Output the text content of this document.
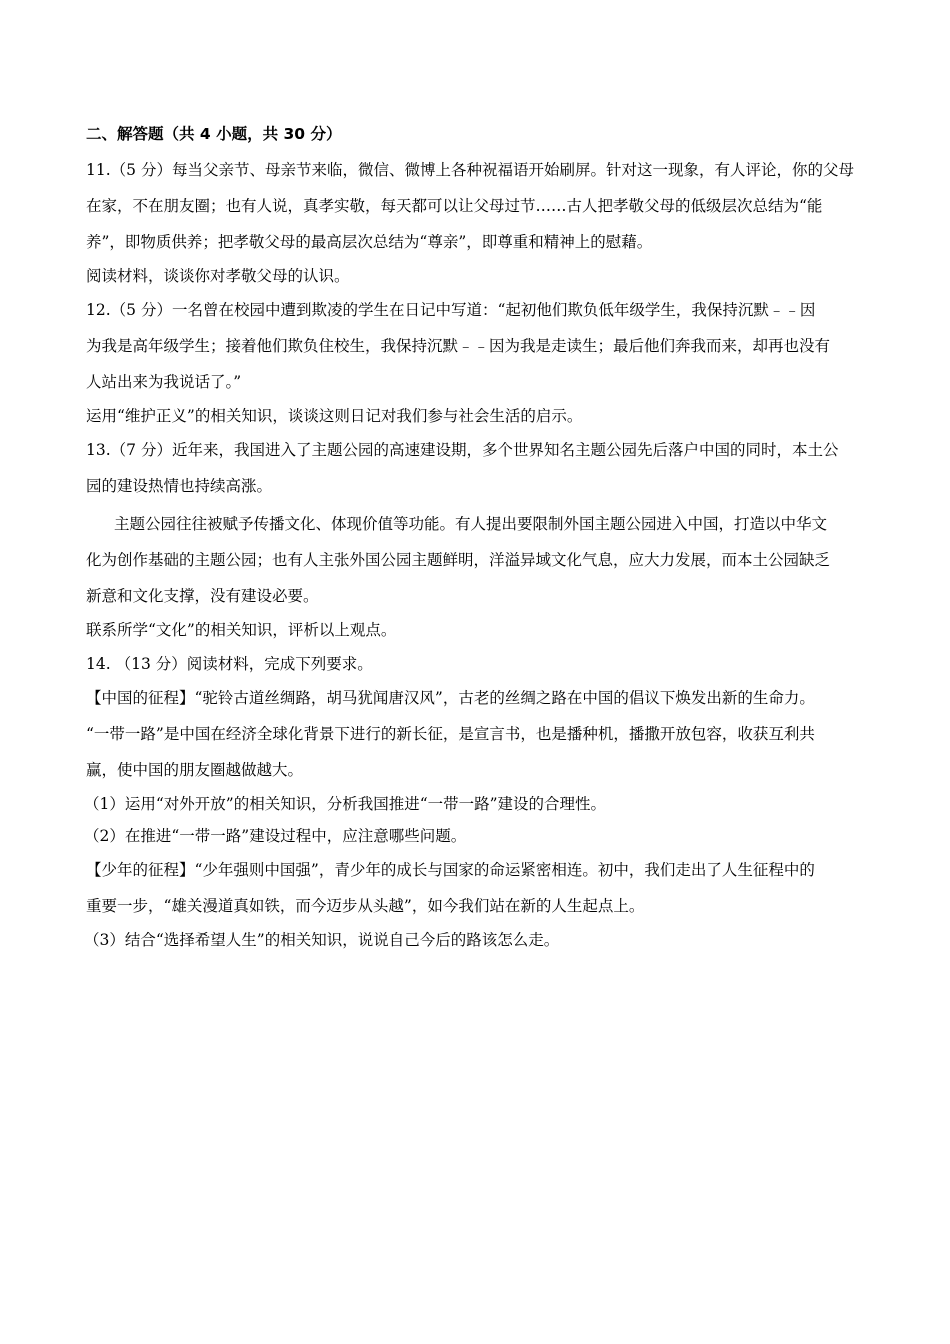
二、解答题（共 4 小题，共 30 分）
11.（5 分）每当父亲节、母亲节来临，微信、微博上各种祝福语开始刷屏。针对这一现象，有人评论，你的父母
在家，不在朋友圈；也有人说，真孝实敬，每天都可以让父母过节……古人把孝敬父母的低级层次总结为“能
养”，即物质供养；把孝敬父母的最高层次总结为“尊亲”，即尊重和精神上的慰藉。
阅读材料，谈谈你对孝敬父母的认识。
12.（5 分）一名曾在校园中遭到欺凌的学生在日记中写道：“起初他们欺负低年级学生，我保持沉默﹣﹣因
为我是高年级学生；接着他们欺负住校生，我保持沉默﹣﹣因为我是走读生；最后他们奔我而来，却再也没有
人站出来为我说话了。”
运用“维护正义”的相关知识，谈谈这则日记对我们参与社会生活的启示。
13.（7 分）近年来，我国进入了主题公园的高速建设期，多个世界知名主题公园先后落户中国的同时，本土公
园的建设热情也持续高涨。
主题公园往往被赋予传播文化、体现价值等功能。有人提出要限制外国主题公园进入中国，打造以中华文
化为创作基础的主题公园；也有人主张外国公园主题鲜明，洋溢异域文化气息，应大力发展，而本土公园缺乏
新意和文化支撑，没有建设必要。
联系所学“文化”的相关知识，评析以上观点。
14. （13 分）阅读材料，完成下列要求。
【中国的征程】“驼铃古道丝绸路，胡马犹闻唐汉风”，古老的丝绸之路在中国的倡议下焕发出新的生命力。
“一带一路”是中国在经济全球化背景下进行的新长征，是宣言书，也是播种机，播撒开放包容，收获互利共
赢，使中国的朋友圈越做越大。
（1）运用“对外开放”的相关知识，分析我国推进“一带一路”建设的合理性。
（2）在推进“一带一路”建设过程中，应注意哪些问题。
【少年的征程】“少年强则中国强”，青少年的成长与国家的命运紧密相连。初中，我们走出了人生征程中的
重要一步，“雄关漫道真如铁，而今迈步从头越”，如今我们站在新的人生起点上。
（3）结合“选择希望人生”的相关知识，说说自己今后的路该怎么走。
